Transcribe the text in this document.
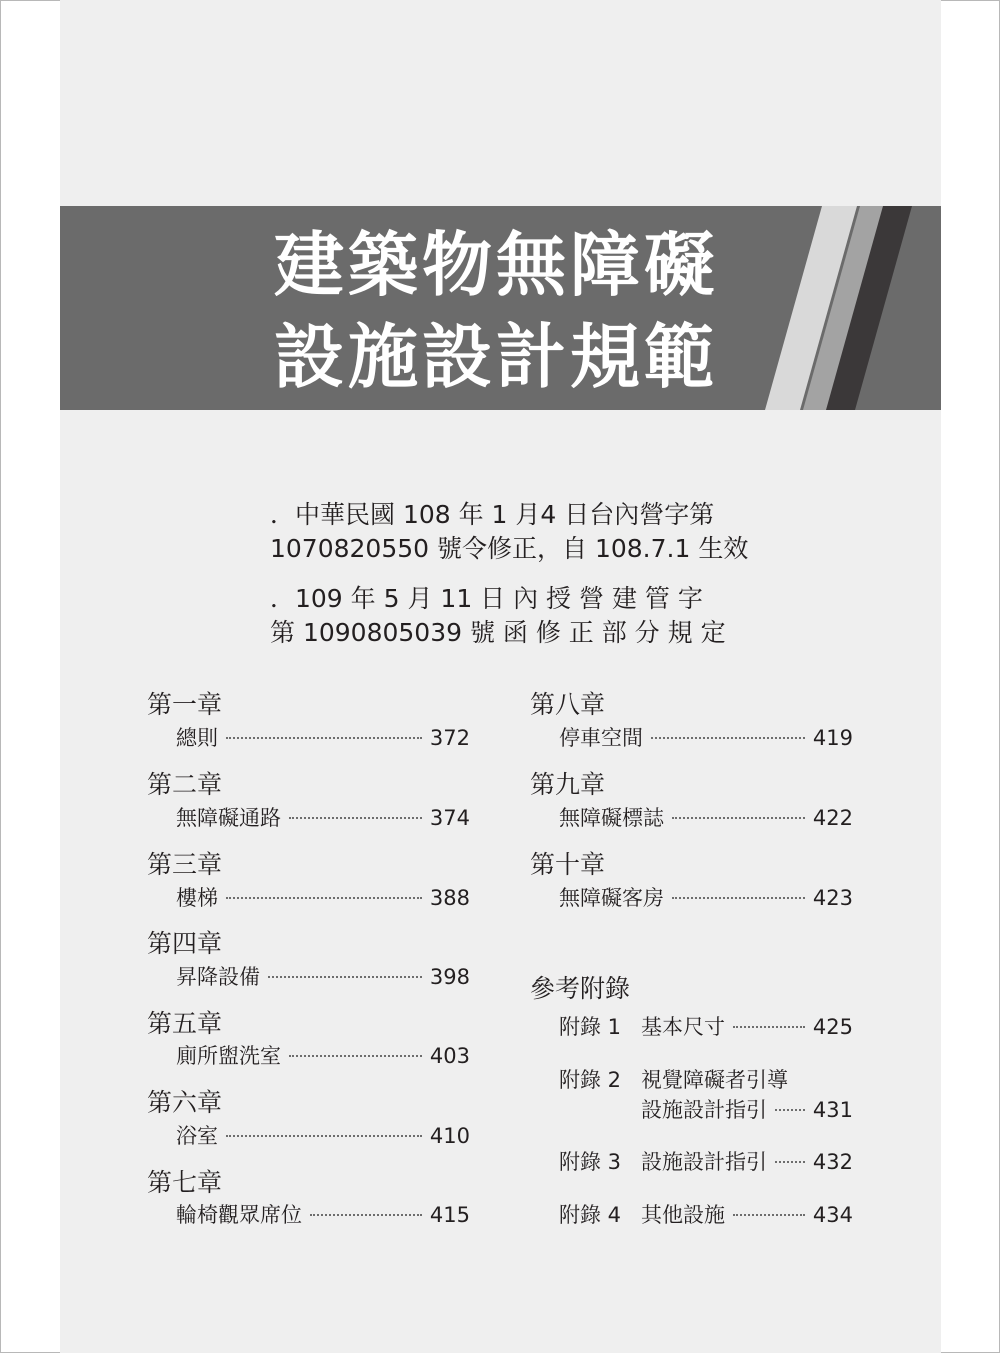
建築物無障礙
設施設計規範

．中華民國 108 年 1 月4 日台內營字第

1070820550 號令修正，自 108.7.1 生效

．109 年 5 月 11 日 內 授 營 建 管 字

第 1090805039 號 函 修 正 部 分 規 定

第一章
總則	372
第二章
無障礙通路	374
第三章
樓梯	388
第四章
昇降設備	398
第五章
廁所盥洗室	403
第六章
浴室	410
第七章
輪椅觀眾席位	415
第八章
停車空間	419
第九章
無障礙標誌	422
第十章
無障礙客房	423
參考附錄
附錄 1 基本尺寸	425
附錄 2 視覺障礙者引導
設施設計指引 431
附錄 3 設施設計指引 432
附錄 4 其他設施	434
